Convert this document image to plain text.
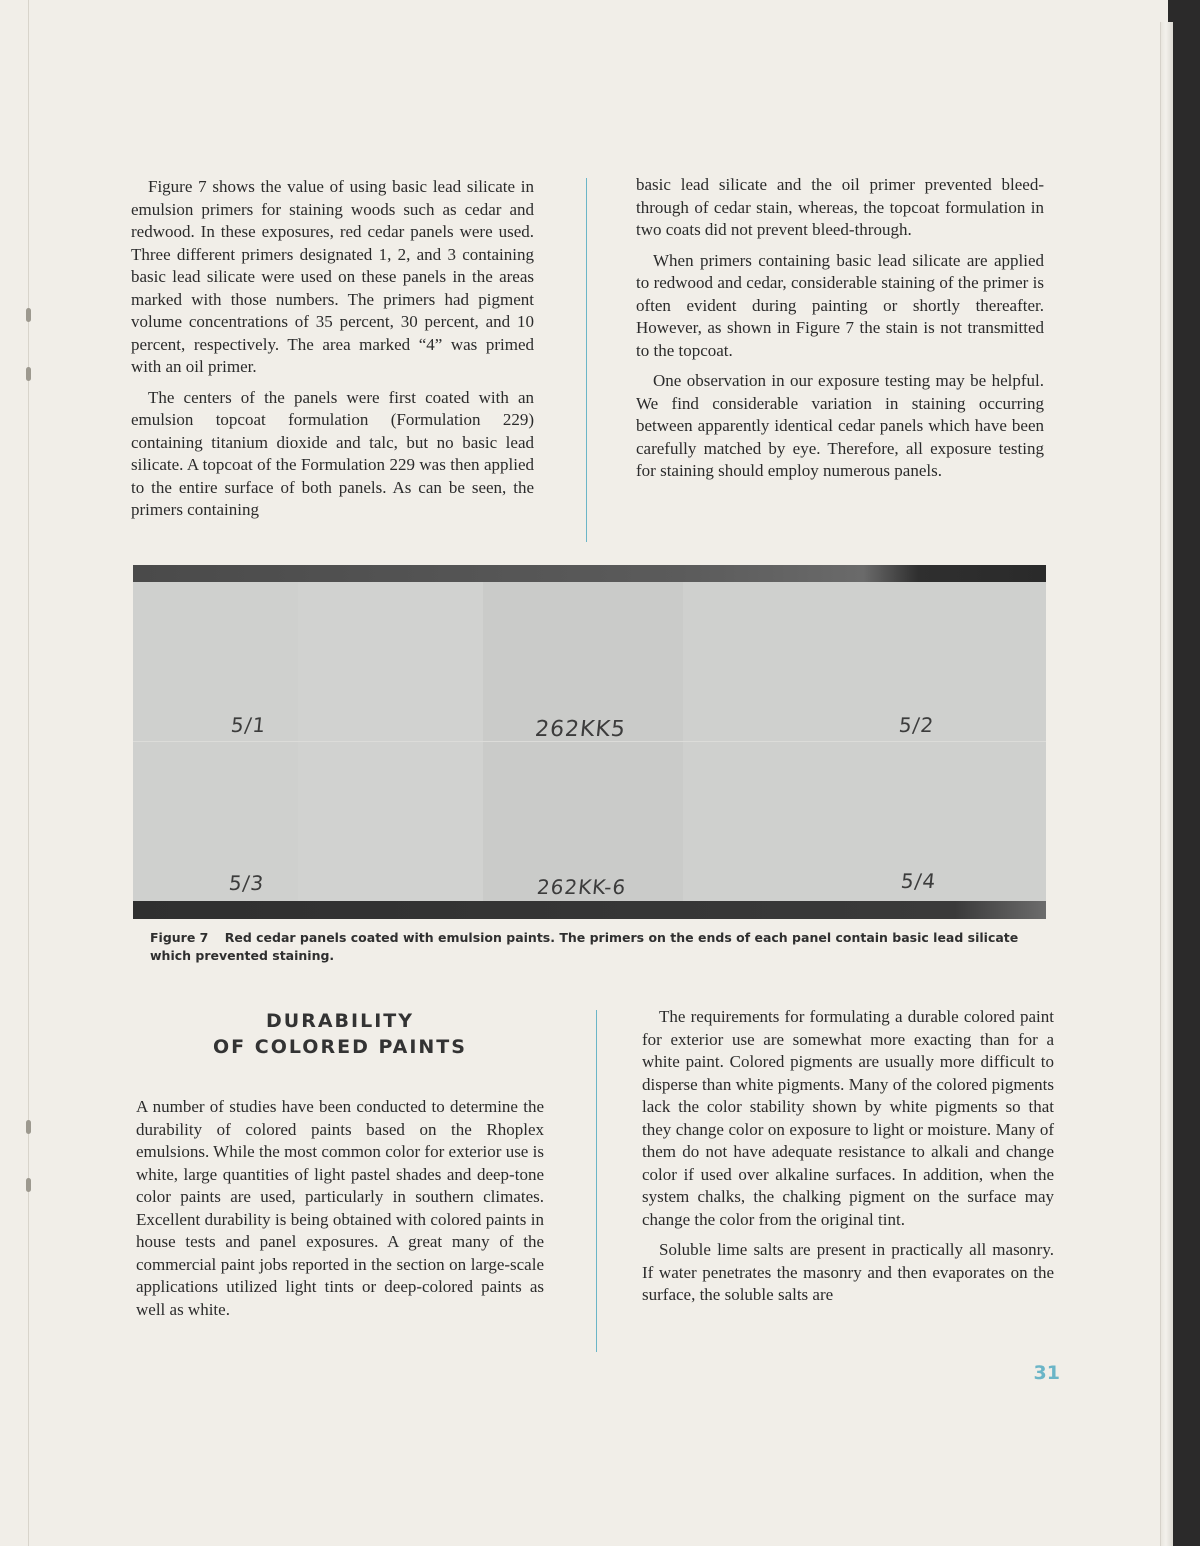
Figure 7 shows the value of using basic lead silicate in emulsion primers for staining woods such as cedar and redwood. In these exposures, red cedar panels were used. Three different primers designated 1, 2, and 3 containing basic lead silicate were used on these panels in the areas marked with those numbers. The primers had pigment volume concentrations of 35 percent, 30 percent, and 10 percent, respectively. The area marked “4” was primed with an oil primer.

The centers of the panels were first coated with an emulsion topcoat formulation (Formulation 229) containing titanium dioxide and talc, but no basic lead silicate. A topcoat of the Formulation 229 was then applied to the entire surface of both panels. As can be seen, the primers containing

basic lead silicate and the oil primer prevented bleed-through of cedar stain, whereas, the topcoat formulation in two coats did not prevent bleed-through.

When primers containing basic lead silicate are applied to redwood and cedar, considerable staining of the primer is often evident during painting or shortly thereafter. However, as shown in Figure 7 the stain is not transmitted to the topcoat.

One observation in our exposure testing may be helpful. We find considerable variation in staining occurring between apparently identical cedar panels which have been carefully matched by eye. Therefore, all exposure testing for staining should employ numerous panels.

5/1	262KK5	5/2
5/3	262KK-6	5/4
Figure 7 Red cedar panels coated with emulsion paints. The primers on the ends of each panel contain basic lead silicate which prevented staining.
DURABILITY
OF COLORED PAINTS

A number of studies have been conducted to determine the durability of colored paints based on the Rhoplex emulsions. While the most common color for exterior use is white, large quantities of light pastel shades and deep-tone color paints are used, particularly in southern climates. Excellent durability is being obtained with colored paints in house tests and panel exposures. A great many of the commercial paint jobs reported in the section on large-scale applications utilized light tints or deep-colored paints as well as white.

The requirements for formulating a durable colored paint for exterior use are somewhat more exacting than for a white paint. Colored pigments are usually more difficult to disperse than white pigments. Many of the colored pigments lack the color stability shown by white pigments so that they change color on exposure to light or moisture. Many of them do not have adequate resistance to alkali and change color if used over alkaline surfaces. In addition, when the system chalks, the chalking pigment on the surface may change the color from the original tint.

Soluble lime salts are present in practically all masonry. If water penetrates the masonry and then evaporates on the surface, the soluble salts are

31
